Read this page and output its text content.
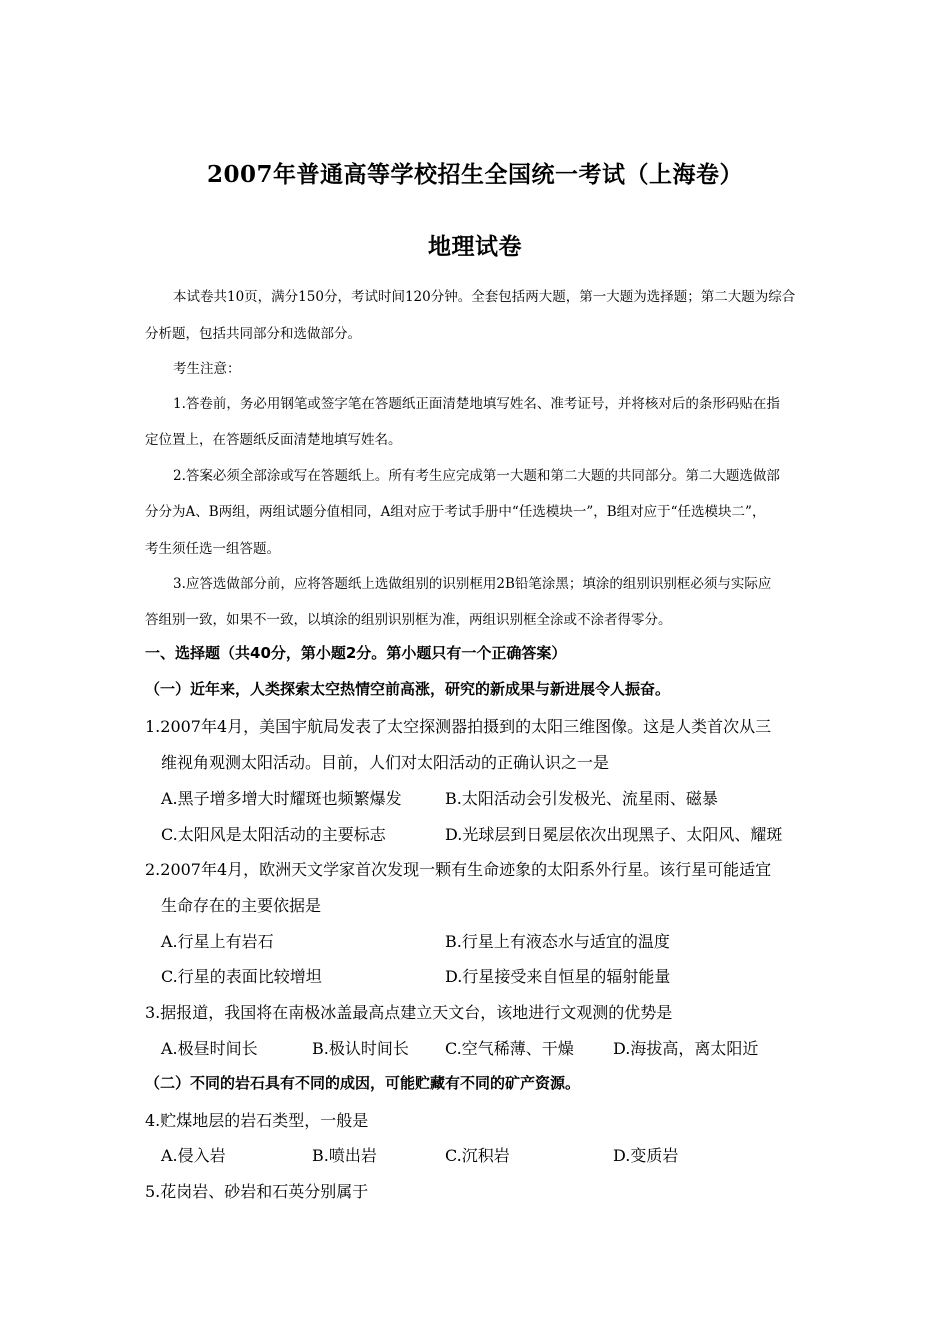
2007年普通高等学校招生全国统一考试（上海卷）
地理试卷
本试卷共10页，满分150分，考试时间120分钟。全套包括两大题，第一大题为选择题；第二大题为综合
分析题，包括共同部分和选做部分。
考生注意：
1.答卷前，务必用钢笔或签字笔在答题纸正面清楚地填写姓名、准考证号，并将核对后的条形码贴在指
定位置上，在答题纸反面清楚地填写姓名。
2.答案必须全部涂或写在答题纸上。所有考生应完成第一大题和第二大题的共同部分。第二大题选做部
分分为A、B两组，两组试题分值相同，A组对应于考试手册中“任选模块一”，B组对应于“任选模块二”，
考生须任选一组答题。
3.应答选做部分前，应将答题纸上选做组别的识别框用2B铅笔涂黑；填涂的组别识别框必须与实际应
答组别一致，如果不一致，以填涂的组别识别框为准，两组识别框全涂或不涂者得零分。
一、选择题（共40分，第小题2分。第小题只有一个正确答案）
（一）近年来，人类探索太空热情空前高涨，研究的新成果与新进展令人振奋。
1.2007年4月，美国宇航局发表了太空探测器拍摄到的太阳三维图像。这是人类首次从三
维视角观测太阳活动。目前，人们对太阳活动的正确认识之一是
A.黑子增多增大时耀斑也频繁爆发	B.太阳活动会引发极光、流星雨、磁暴
C.太阳风是太阳活动的主要标志	D.光球层到日冕层依次出现黑子、太阳风、耀斑
2.2007年4月，欧洲天文学家首次发现一颗有生命迹象的太阳系外行星。该行星可能适宜
生命存在的主要依据是
A.行星上有岩石	B.行星上有液态水与适宜的温度
C.行星的表面比较增坦	D.行星接受来自恒星的辐射能量
3.据报道，我国将在南极冰盖最高点建立天文台，该地进行文观测的优势是
A.极昼时间长	B.极认时间长 C.空气稀薄、干燥 D.海拔高，离太阳近
（二）不同的岩石具有不同的成因，可能贮藏有不同的矿产资源。
4.贮煤地层的岩石类型，一般是
A.侵入岩	B.喷出岩	C.沉积岩	D.变质岩
5.花岗岩、砂岩和石英分别属于
